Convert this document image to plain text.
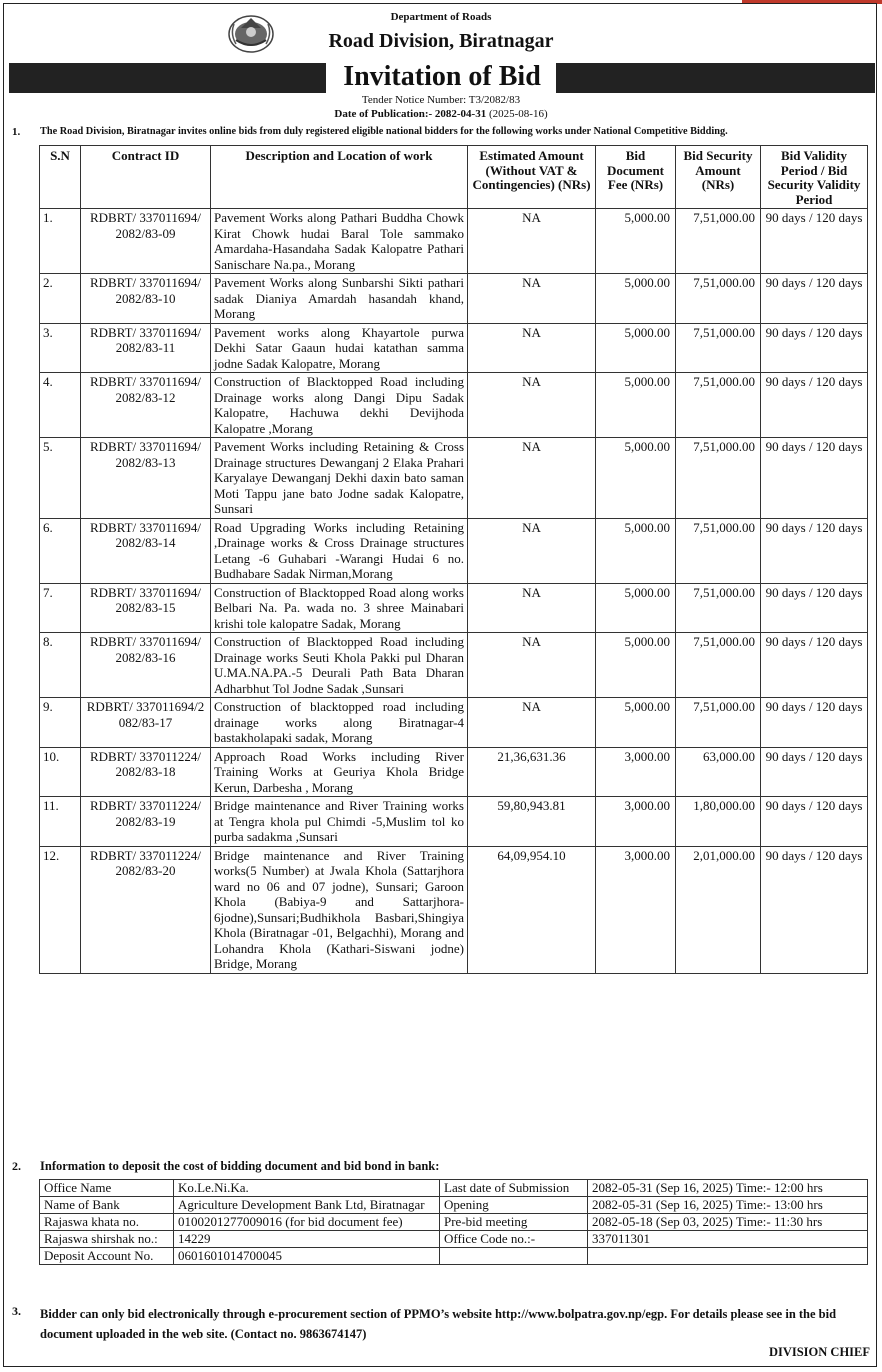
Department of Roads
Road Division, Biratnagar
Invitation of Bid
Tender Notice Number: T3/2082/83
Date of Publication:- 2082-04-31 (2025-08-16)
1. The Road Division, Biratnagar invites online bids from duly registered eligible national bidders for the following works under National Competitive Bidding.
S.N	Contract ID	Description and Location of work	Estimated Amount (Without VAT & Contingencies) (NRs)	Bid Document Fee (NRs)	Bid Security Amount (NRs)	Bid Validity Period / Bid Security Validity Period
1.	RDBRT/ 337011694/ 2082/83-09	Pavement Works along Pathari Buddha Chowk Kirat Chowk hudai Baral Tole sammako Amardaha-Hasandaha Sadak Kalopatre Pathari Sanischare Na.pa., Morang	NA	5,000.00	7,51,000.00	90 days / 120 days
2.	RDBRT/ 337011694/ 2082/83-10	Pavement Works along Sunbarshi Sikti pathari sadak Dianiya Amardah hasandah khand, Morang	NA	5,000.00	7,51,000.00	90 days / 120 days
3.	RDBRT/ 337011694/ 2082/83-11	Pavement works along Khayartole purwa Dekhi Satar Gaaun hudai katathan samma jodne Sadak Kalopatre, Morang	NA	5,000.00	7,51,000.00	90 days / 120 days
4.	RDBRT/ 337011694/ 2082/83-12	Construction of Blacktopped Road including Drainage works along Dangi Dipu Sadak Kalopatre, Hachuwa dekhi Devijhoda Kalopatre ,Morang	NA	5,000.00	7,51,000.00	90 days / 120 days
5.	RDBRT/ 337011694/ 2082/83-13	Pavement Works including Retaining & Cross Drainage structures Dewanganj 2 Elaka Prahari Karyalaye Dewanganj Dekhi daxin bato saman Moti Tappu jane bato Jodne sadak Kalopatre, Sunsari	NA	5,000.00	7,51,000.00	90 days / 120 days
6.	RDBRT/ 337011694/ 2082/83-14	Road Upgrading Works including Retaining ,Drainage works & Cross Drainage structures Letang -6 Guhabari -Warangi Hudai 6 no. Budhabare Sadak Nirman,Morang	NA	5,000.00	7,51,000.00	90 days / 120 days
7.	RDBRT/ 337011694/ 2082/83-15	Construction of Blacktopped Road along works Belbari Na. Pa. wada no. 3 shree Mainabari krishi tole kalopatre Sadak, Morang	NA	5,000.00	7,51,000.00	90 days / 120 days
8.	RDBRT/ 337011694/ 2082/83-16	Construction of Blacktopped Road including Drainage works Seuti Khola Pakki pul Dharan U.MA.NA.PA.-5 Deurali Path Bata Dharan Adharbhut Tol Jodne Sadak ,Sunsari	NA	5,000.00	7,51,000.00	90 days / 120 days
9.	RDBRT/ 337011694/2 082/83-17	Construction of blacktopped road including drainage works along Biratnagar-4 bastakholapaki sadak, Morang	NA	5,000.00	7,51,000.00	90 days / 120 days
10.	RDBRT/ 337011224/ 2082/83-18	Approach Road Works including River Training Works at Geuriya Khola Bridge Kerun, Darbesha , Morang	21,36,631.36	3,000.00	63,000.00	90 days / 120 days
11.	RDBRT/ 337011224/ 2082/83-19	Bridge maintenance and River Training works at Tengra khola pul Chimdi -5,Muslim tol ko purba sadakma ,Sunsari	59,80,943.81	3,000.00	1,80,000.00	90 days / 120 days
12.	RDBRT/ 337011224/ 2082/83-20	Bridge maintenance and River Training works(5 Number) at Jwala Khola (Sattarjhora ward no 06 and 07 jodne), Sunsari; Garoon Khola (Babiya-9 and Sattarjhora- 6jodne),Sunsari;Budhikhola Basbari,Shingiya Khola (Biratnagar -01, Belgachhi), Morang and Lohandra Khola (Kathari-Siswani jodne) Bridge, Morang	64,09,954.10	3,000.00	2,01,000.00	90 days / 120 days
2. Information to deposit the cost of bidding document and bid bond in bank:
Office Name	Ko.Le.Ni.Ka.	Last date of Submission	2082-05-31 (Sep 16, 2025) Time:- 12:00 hrs
Name of Bank	Agriculture Development Bank Ltd, Biratnagar	Opening	2082-05-31 (Sep 16, 2025) Time:- 13:00 hrs
Rajaswa khata no.	0100201277009016 (for bid document fee)	Pre-bid meeting	2082-05-18 (Sep 03, 2025) Time:- 11:30 hrs
Rajaswa shirshak no.:	14229	Office Code no.:-	337011301
Deposit Account No.	0601601014700045		
3. Bidder can only bid electronically through e-procurement section of PPMO’s website http://www.bolpatra.gov.np/egp. For details please see in the bid document uploaded in the web site. (Contact no. 9863674147)
DIVISION CHIEF
